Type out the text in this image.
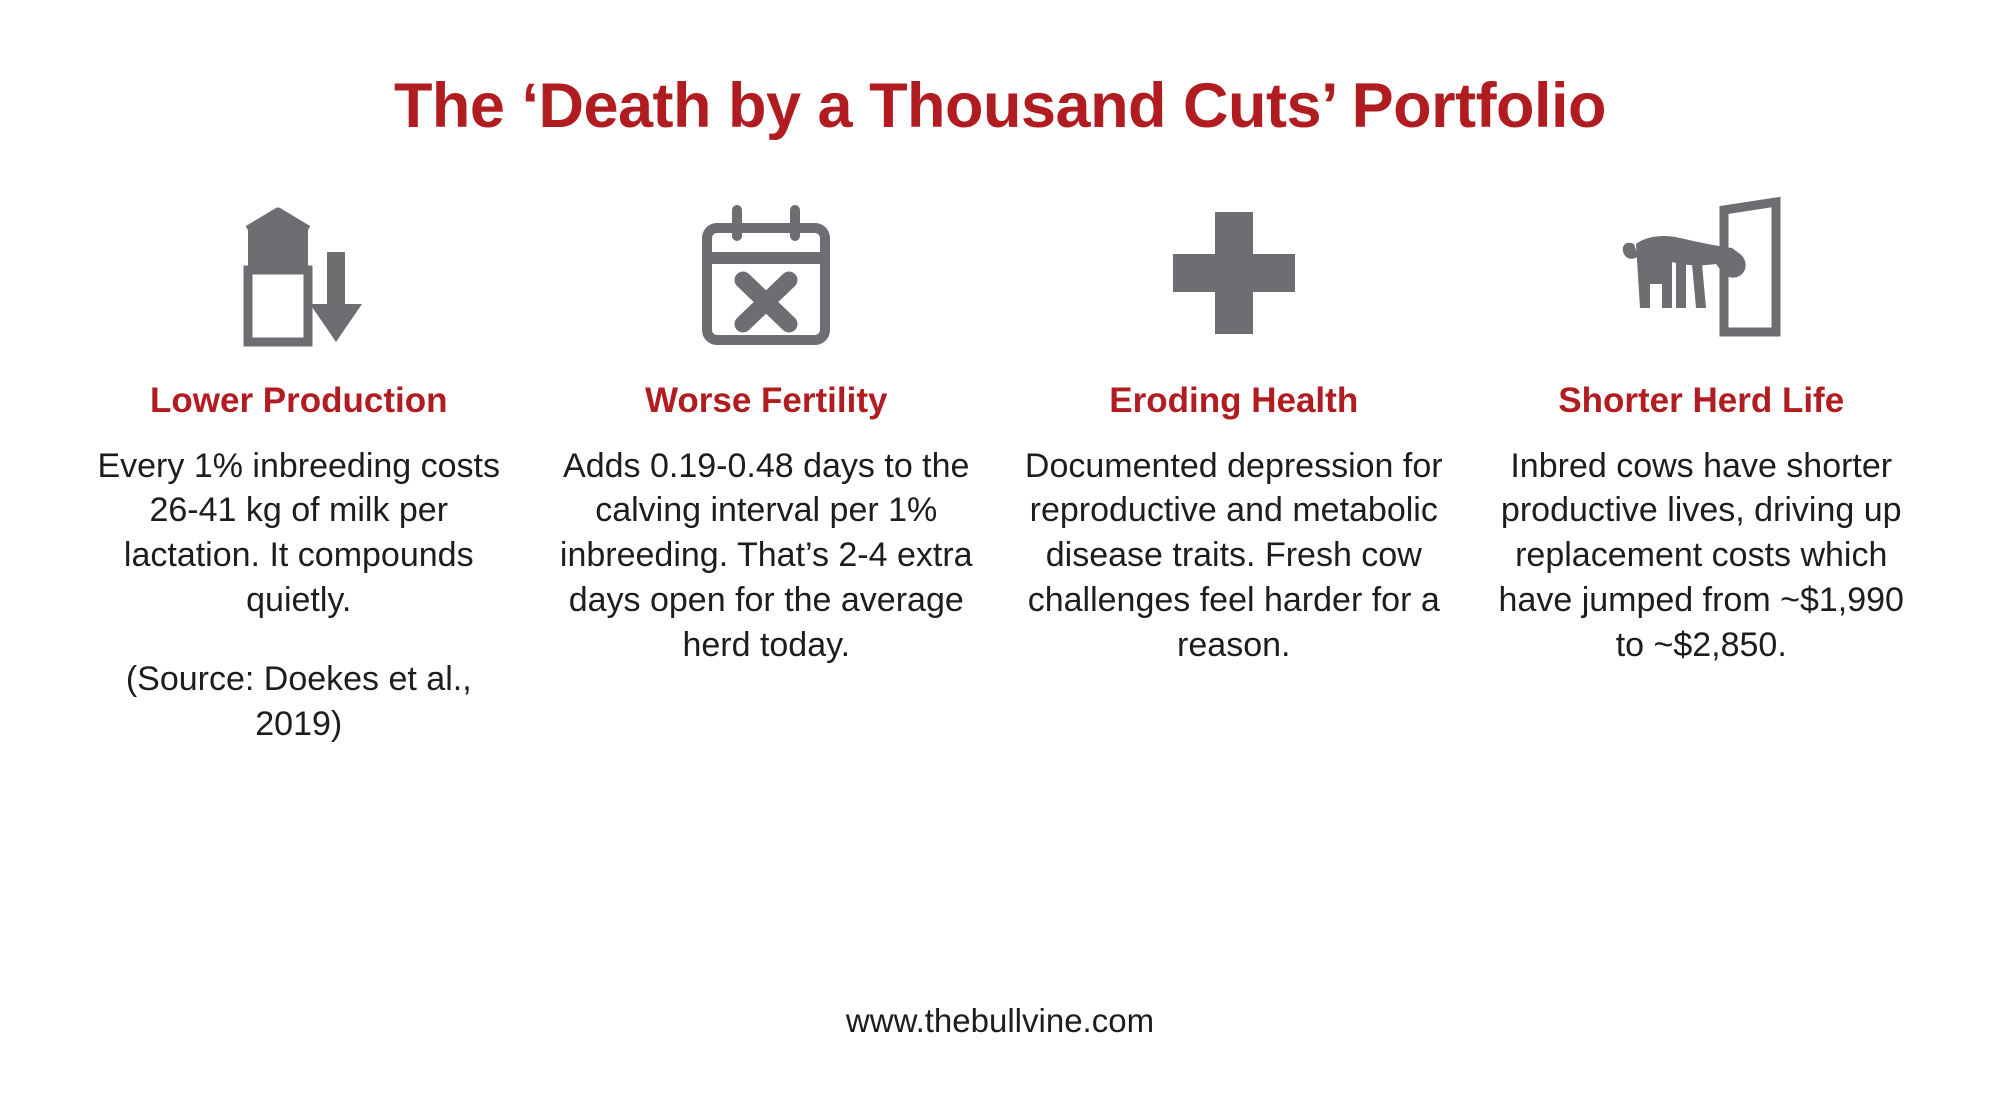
The ‘Death by a Thousand Cuts’ Portfolio
Lower Production
Every 1% inbreeding costs 26-41 kg of milk per lactation. It compounds quietly.
(Source: Doekes et al., 2019)
Worse Fertility
Adds 0.19-0.48 days to the calving interval per 1% inbreeding. That’s 2-4 extra days open for the average herd today.
Eroding Health
Documented depression for reproductive and metabolic disease traits. Fresh cow challenges feel harder for a reason.
Shorter Herd Life
Inbred cows have shorter productive lives, driving up replacement costs which have jumped from ~$1,990 to ~$2,850.
www.thebullvine.com
